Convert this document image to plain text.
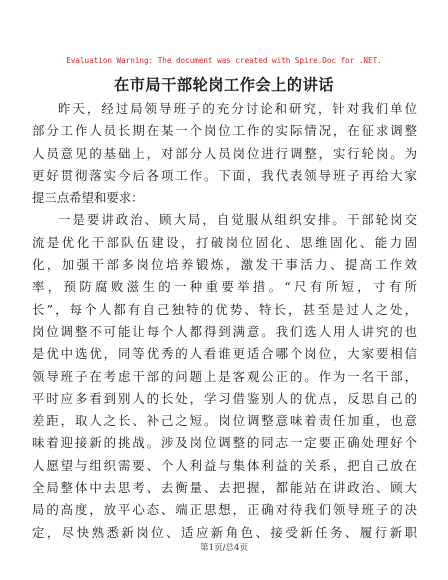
Evaluation Warning: The document was created with Spire.Doc for .NET.
在市局干部轮岗工作会上的讲话
昨天，经过局领导班子的充分讨论和研究，针对我们单位
部分工作人员长期在某一个岗位工作的实际情况，在征求调整
人员意见的基础上，对部分人员岗位进行调整，实行轮岗。为
更好贯彻落实今后各项工作。下面，我代表领导班子再给大家
提三点希望和要求：
一是要讲政治、顾大局，自觉服从组织安排。干部轮岗交
流是优化干部队伍建设，打破岗位固化、思维固化、能力固
化，加强干部多岗位培养锻炼，激发干事活力、提高工作效
率，预防腐败滋生的一种重要举措。“尺有所短，寸有所
长”，每个人都有自己独特的优势、特长，甚至是过人之处，
岗位调整不可能让每个人都得到满意。我们选人用人讲究的也
是优中选优，同等优秀的人看谁更适合哪个岗位，大家要相信
领导班子在考虑干部的问题上是客观公正的。作为一名干部，
平时应多看到别人的长处，学习借鉴别人的优点，反思自己的
差距，取人之长、补己之短。岗位调整意味着责任加重，也意
味着迎接新的挑战。涉及岗位调整的同志一定要正确处理好个
人愿望与组织需要、个人利益与集体利益的关系，把自己放在
全局整体中去思考、去衡量、去把握，都能站在讲政治、顾大
局的高度，放平心态、端正思想，正确对待我们领导班子的决
定，尽快熟悉新岗位、适应新角色、接受新任务、履行新职
第1页/总4页
